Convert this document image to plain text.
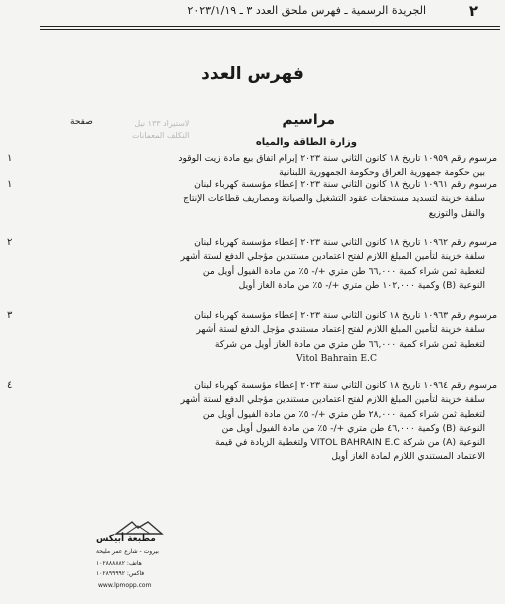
٢
الجريدة الرسمية ـ فهرس ملحق العدد ٣ ـ ٢٠٢٣/١/١٩
فهرس العدد
لاستيراد ١٣٣ نيل
النكلف المعمانات
مراسيم
صفحة
وزارة الطاقة والمياه
١	مرسوم رقم ١٠٩٥٩ تاريخ ١٨ كانون الثاني سنة ٢٠٢٣ إبرام اتفاق بيع مادة زيت الوقود
بين حكومة جمهورية العراق وحكومة الجمهورية اللبنانية
١	مرسوم رقم ١٠٩٦١ تاريخ ١٨ كانون الثاني سنة ٢٠٢٣ إعطاء مؤسسة كهرباء لبنان
سلفة خزينة لتسديد مستحقات عقود التشغيل والصيانة ومصاريف قطاعات الإنتاج
والنقل والتوزيع
٢	مرسوم رقم ١٠٩٦٢ تاريخ ١٨ كانون الثاني سنة ٢٠٢٣ إعطاء مؤسسة كهرباء لبنان
سلفة خزينة لتأمين المبلغ اللازم لفتح اعتمادين مستندين مؤجلي الدفع لستة أشهر
لتغطية ثمن شراء كمية ٦٦,٠٠٠ طن متري +/- ٥٪ من مادة الفيول أويل من
النوعية (B) وكمية ١٠٢,٠٠٠ طن متري +/- ٥٪ من مادة الغاز أويل
٣	مرسوم رقم ١٠٩٦٣ تاريخ ١٨ كانون الثاني سنة ٢٠٢٣ إعطاء مؤسسة كهرباء لبنان
سلفة خزينة لتأمين المبلغ اللازم لفتح إعتماد مستندي مؤجل الدفع لستة أشهر
لتغطية ثمن شراء كمية ٦٦,٠٠٠ طن متري من مادة الغاز أويل من شركة
Vitol Bahrain E.C
٤	مرسوم رقم ١٠٩٦٤ تاريخ ١٨ كانون الثاني سنة ٢٠٢٣ إعطاء مؤسسة كهرباء لبنان
سلفة خزينة لتأمين المبلغ اللازم لفتح اعتمادين مستندين مؤجلي الدفع لستة أشهر
لتغطية ثمن شراء كمية ٢٨,٠٠٠ طن متري +/- ٥٪ من مادة الفيول أويل من
النوعية (B) وكمية ٤٦,٠٠٠ طن متري +/- ٥٪ من مادة الفيول أويل من
النوعية (A) من شركة VITOL BAHRAIN E.C ولتغطية الزيادة في قيمة
الاعتماد المستندي اللازم لمادة الغاز أويل
مطبعة أبيكس
بيروت - شارع عمر مليحة
هاتف: ١٠٢٨٨٨٨٨٢
فاكس: ١٠٢٨٩٩٩٩٢
www.lpmopp.com
